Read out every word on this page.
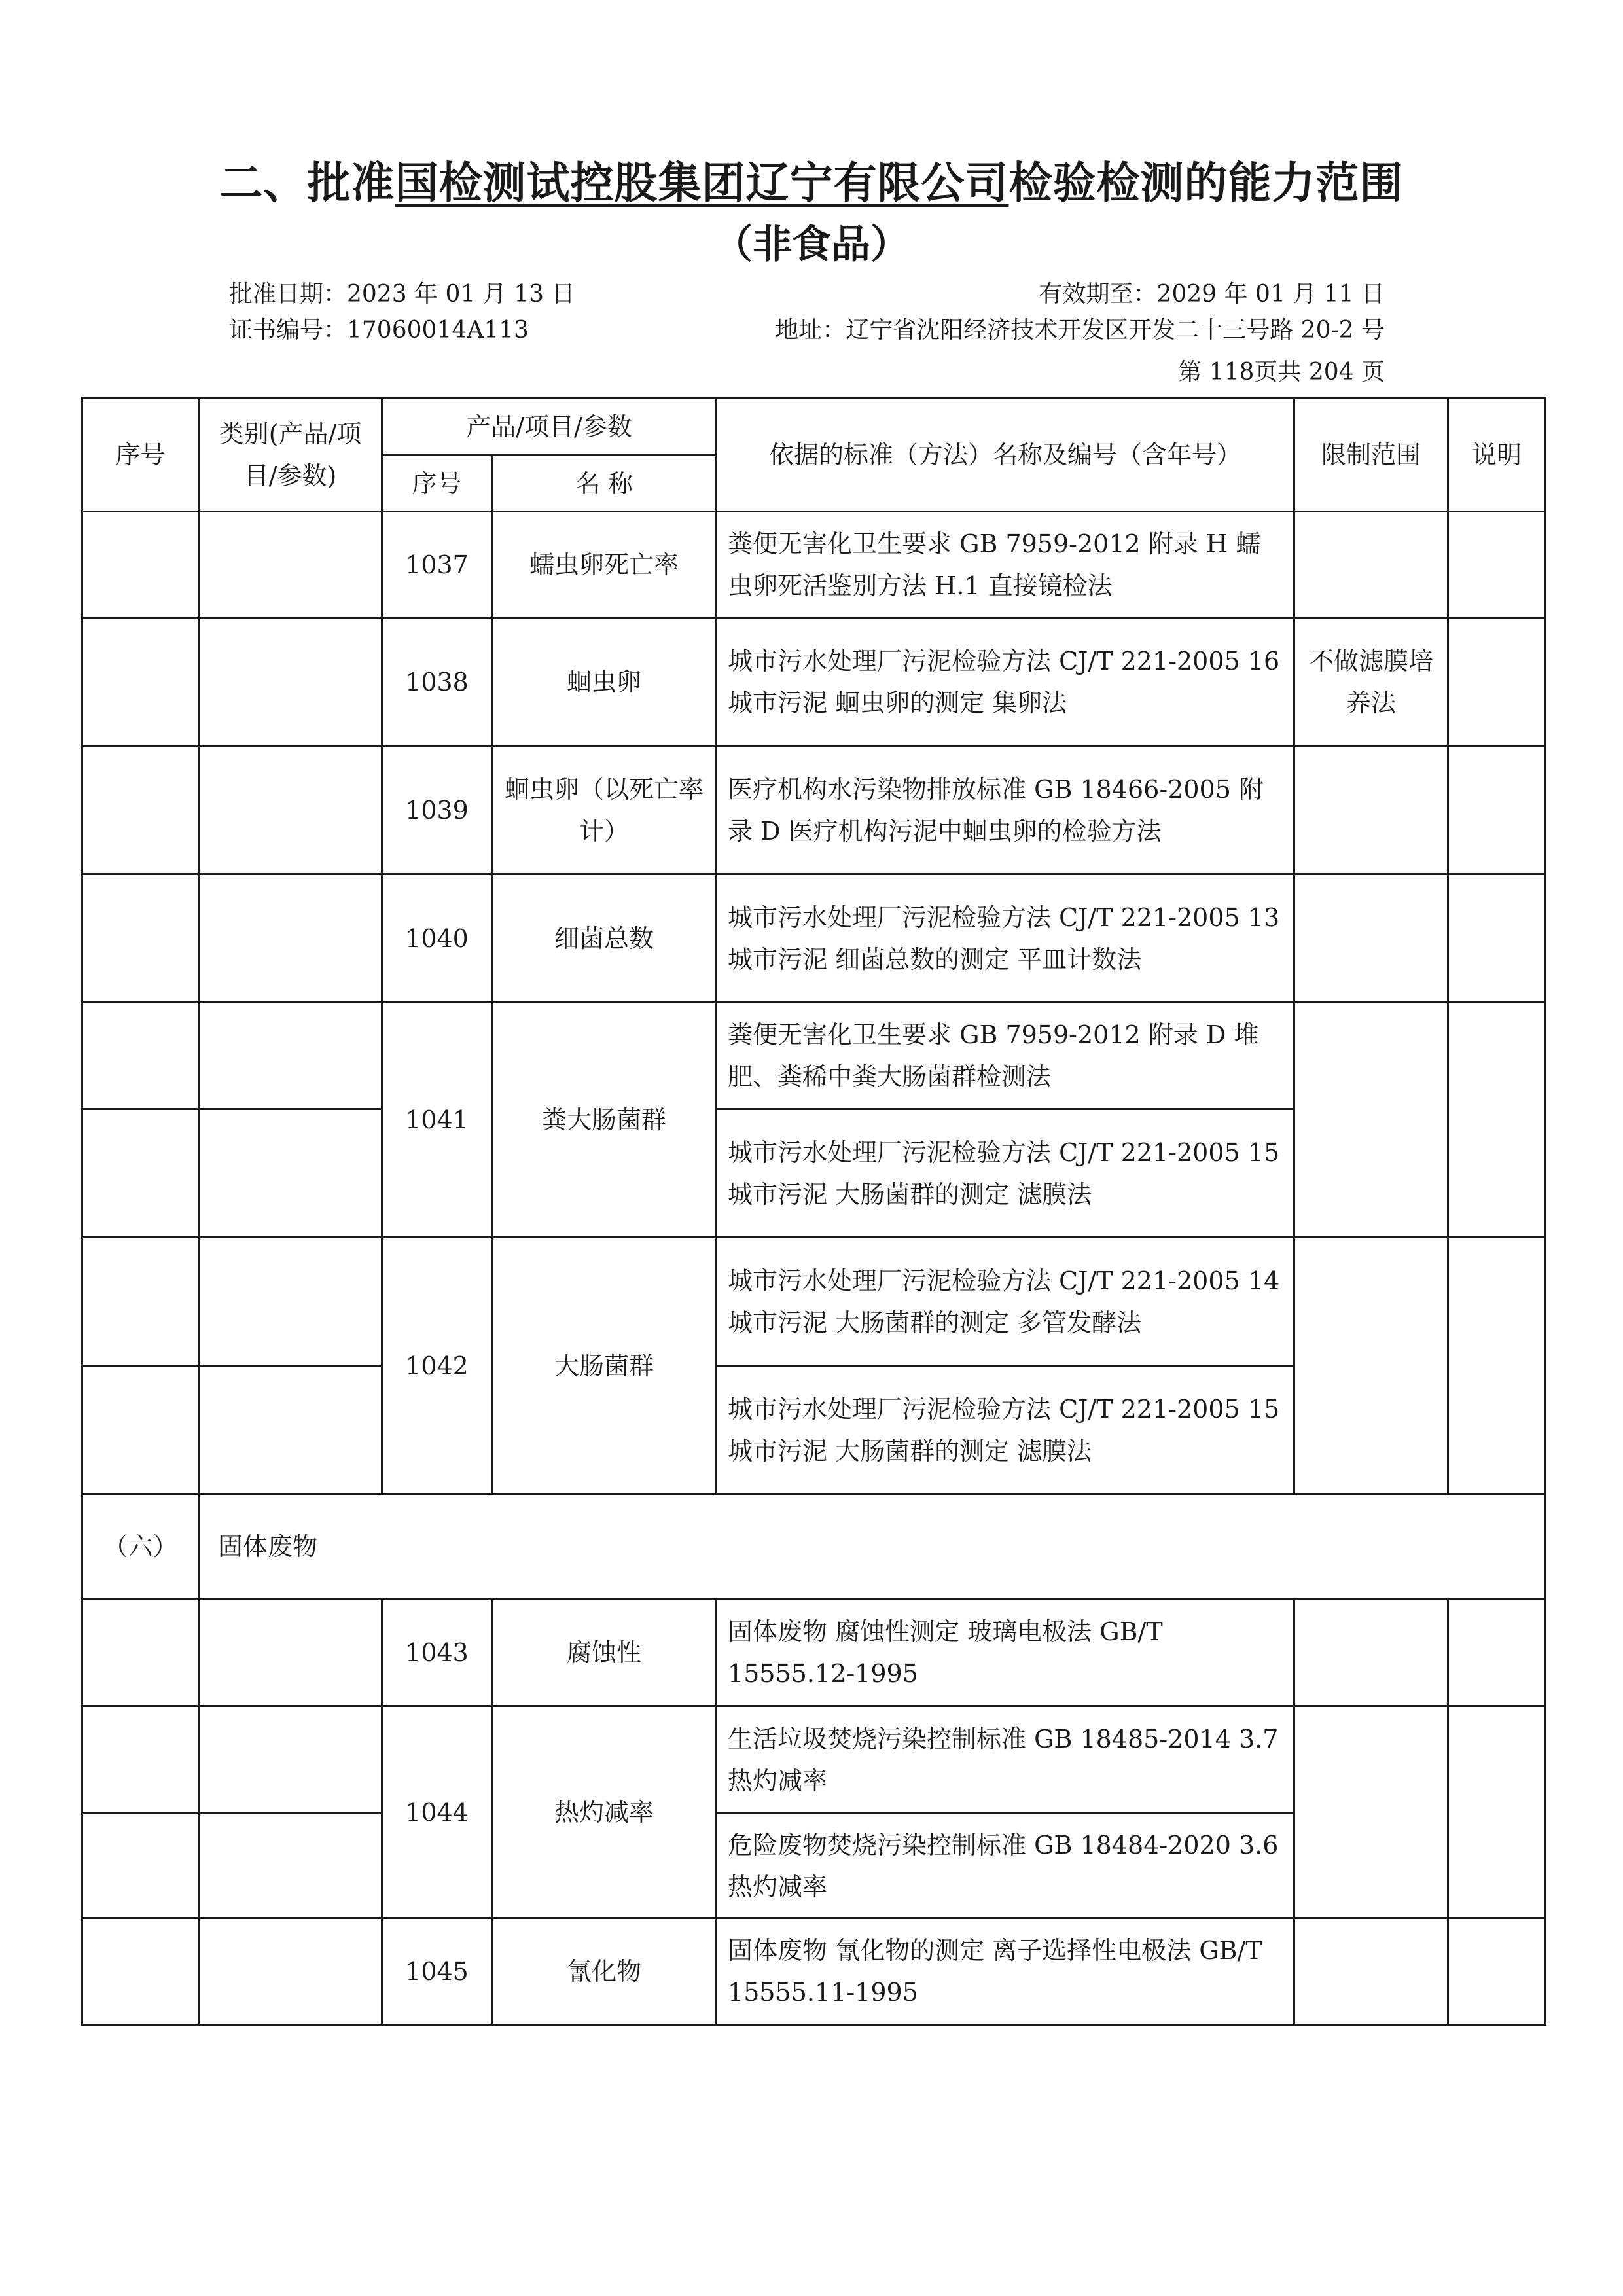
二、批准国检测试控股集团辽宁有限公司检验检测的能力范围
（非食品）
批准日期：2023 年 01 月 13 日	有效期至：2029 年 01 月 11 日
证书编号：17060014A113	地址：辽宁省沈阳经济技术开发区开发二十三号路 20-2 号
第 118页共 204 页
序号	类别(产品/项目/参数)	产品/项目/参数		依据的标准（方法）名称及编号（含年号）	限制范围	说明
		序号	名 称			
		1037	蠕虫卵死亡率	粪便无害化卫生要求 GB 7959-2012 附录 H 蠕虫卵死活鉴别方法 H.1 直接镜检法		
		1038	蛔虫卵	城市污水处理厂污泥检验方法 CJ/T 221-2005 16 城市污泥 蛔虫卵的测定 集卵法	不做滤膜培养法	
		1039	蛔虫卵（以死亡率计）	医疗机构水污染物排放标准 GB 18466-2005 附录 D 医疗机构污泥中蛔虫卵的检验方法		
		1040	细菌总数	城市污水处理厂污泥检验方法 CJ/T 221-2005 13 城市污泥 细菌总数的测定 平皿计数法		
		1041	粪大肠菌群	粪便无害化卫生要求 GB 7959-2012 附录 D 堆肥、粪稀中粪大肠菌群检测法		
				城市污水处理厂污泥检验方法 CJ/T 221-2005 15 城市污泥 大肠菌群的测定 滤膜法		
		1042	大肠菌群	城市污水处理厂污泥检验方法 CJ/T 221-2005 14 城市污泥 大肠菌群的测定 多管发酵法		
				城市污水处理厂污泥检验方法 CJ/T 221-2005 15 城市污泥 大肠菌群的测定 滤膜法		
（六）	固体废物					
		1043	腐蚀性	固体废物 腐蚀性测定 玻璃电极法 GB/T 15555.12-1995		
		1044	热灼减率	生活垃圾焚烧污染控制标准 GB 18485-2014 3.7 热灼减率		
				危险废物焚烧污染控制标准 GB 18484-2020 3.6 热灼减率		
		1045	氰化物	固体废物 氰化物的测定 离子选择性电极法 GB/T 15555.11-1995		
